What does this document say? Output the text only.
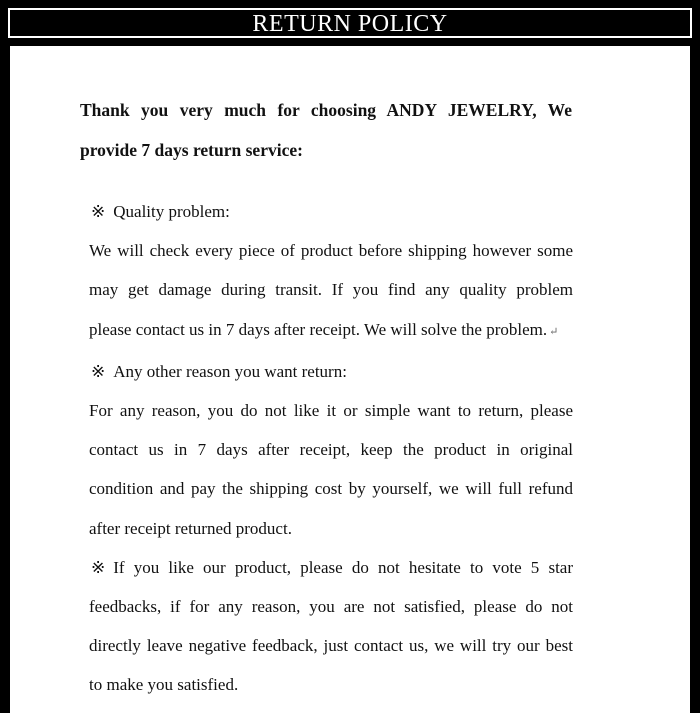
RETURN POLICY
Thank you very much for choosing ANDY JEWELRY, We
provide 7 days return service:
※ Quality problem:
We will check every piece of product before shipping however some
may get damage during transit. If you find any quality problem
please contact us in 7 days after receipt. We will solve the problem. ↵
※ Any other reason you want return:
For any reason, you do not like it or simple want to return, please
contact us in 7 days after receipt, keep the product in original
condition and pay the shipping cost by yourself, we will full refund
after receipt returned product.
※ If you like our product, please do not hesitate to vote 5 star
feedbacks, if for any reason, you are not satisfied, please do not
directly leave negative feedback, just contact us, we will try our best
to make you satisfied.
